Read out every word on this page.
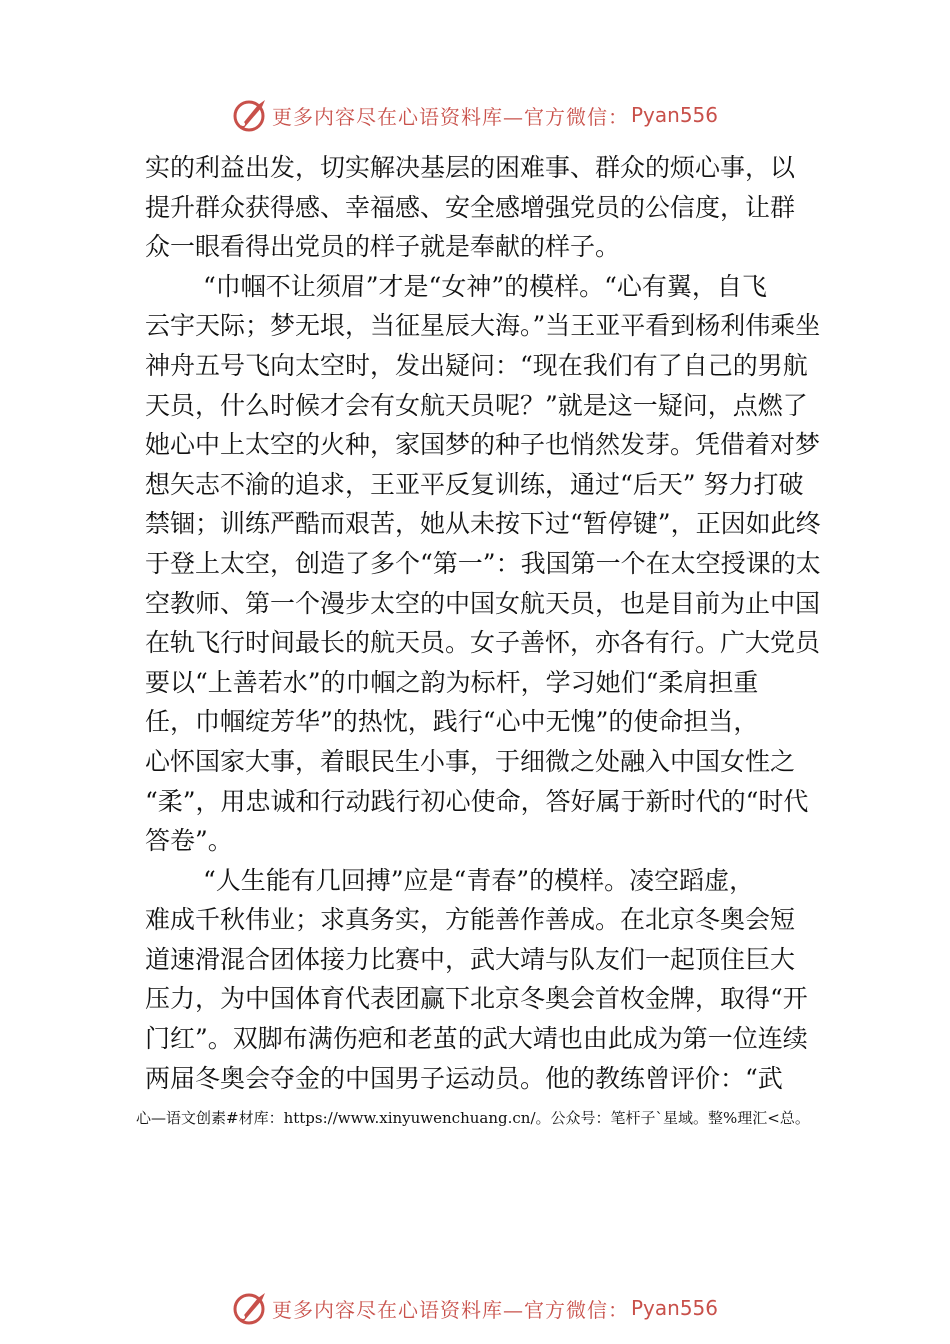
更多内容尽在心语资料库—官方微信： Pyan556

实的利益出发，切实解决基层的困难事、群众的烦心事，以
提升群众获得感、幸福感、安全感增强党员的公信度，让群
众一眼看得出党员的样子就是奉献的样子。

“巾帼不让须眉”才是“女神”的模样。“心有翼，自飞
云宇天际；梦无垠，当征星辰大海。”当王亚平看到杨利伟乘坐
神舟五号飞向太空时，发出疑问：“现在我们有了自己的男航
天员，什么时候才会有女航天员呢？”就是这一疑问，点燃了
她心中上太空的火种，家国梦的种子也悄然发芽。凭借着对梦
想矢志不渝的追求，王亚平反复训练，通过“后天” 努力打破
禁锢；训练严酷而艰苦，她从未按下过“暂停键”，正因如此终
于登上太空，创造了多个“第一”：我国第一个在太空授课的太
空教师、第一个漫步太空的中国女航天员，也是目前为止中国
在轨飞行时间最长的航天员。女子善怀，亦各有行。广大党员
要以“上善若水”的巾帼之韵为标杆，学习她们“柔肩担重
任，巾帼绽芳华”的热忱，践行“心中无愧”的使命担当，
心怀国家大事，着眼民生小事，于细微之处融入中国女性之
“柔”，用忠诚和行动践行初心使命，答好属于新时代的“时代
答卷”。

“人生能有几回搏”应是“青春”的模样。凌空蹈虚，
难成千秋伟业；求真务实，方能善作善成。在北京冬奥会短
道速滑混合团体接力比赛中，武大靖与队友们一起顶住巨大
压力，为中国体育代表团赢下北京冬奥会首枚金牌，取得“开
门红”。双脚布满伤疤和老茧的武大靖也由此成为第一位连续
两届冬奥会夺金的中国男子运动员。他的教练曾评价：“武

心—语文创素#材库：https://www.xinyuwenchuang.cn/。公众号：笔杆子`星域。整%理汇<总。
更多内容尽在心语资料库—官方微信： Pyan556
